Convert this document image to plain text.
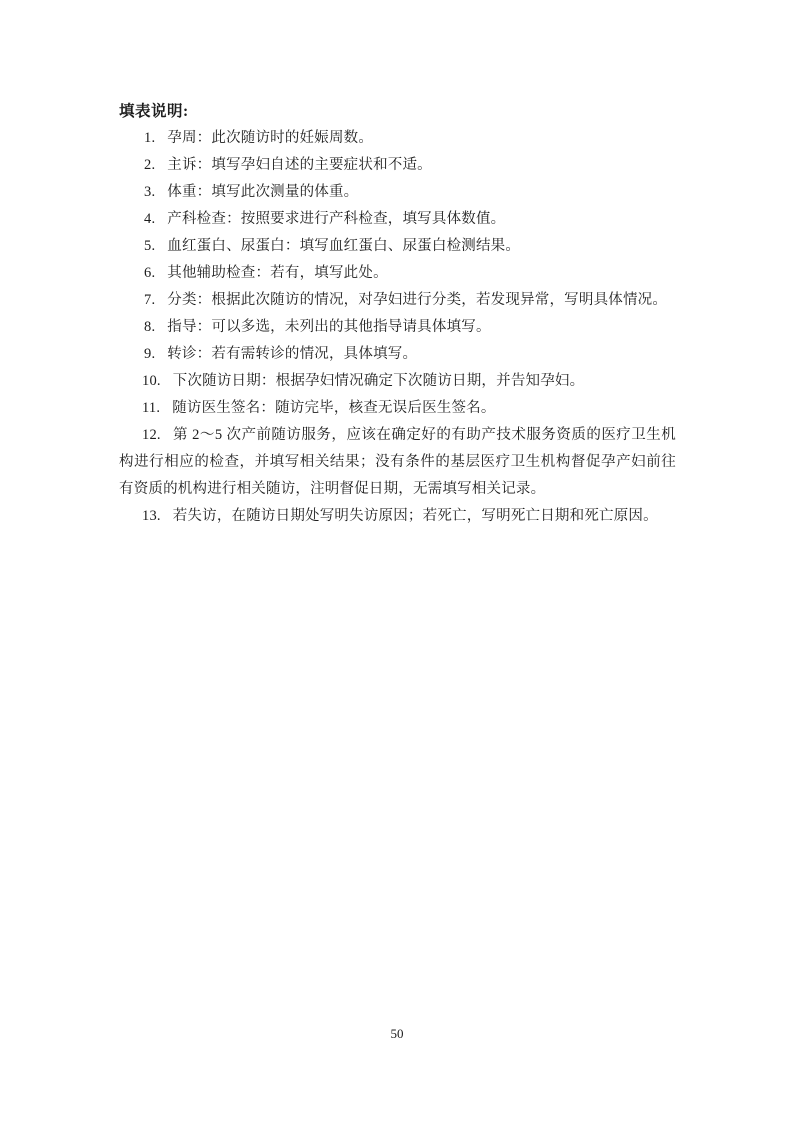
填表说明:
1. 孕周：此次随访时的妊娠周数。
2. 主诉：填写孕妇自述的主要症状和不适。
3. 体重：填写此次测量的体重。
4. 产科检查：按照要求进行产科检查，填写具体数值。
5. 血红蛋白、尿蛋白：填写血红蛋白、尿蛋白检测结果。
6. 其他辅助检查：若有，填写此处。
7. 分类：根据此次随访的情况，对孕妇进行分类，若发现异常，写明具体情况。
8. 指导：可以多选，未列出的其他指导请具体填写。
9. 转诊：若有需转诊的情况，具体填写。
10. 下次随访日期：根据孕妇情况确定下次随访日期，并告知孕妇。
11. 随访医生签名：随访完毕，核查无误后医生签名。
12. 第 2～5 次产前随访服务，应该在确定好的有助产技术服务资质的医疗卫生机构进行相应的检查，并填写相关结果；没有条件的基层医疗卫生机构督促孕产妇前往有资质的机构进行相关随访，注明督促日期，无需填写相关记录。
13. 若失访，在随访日期处写明失访原因；若死亡，写明死亡日期和死亡原因。
50
